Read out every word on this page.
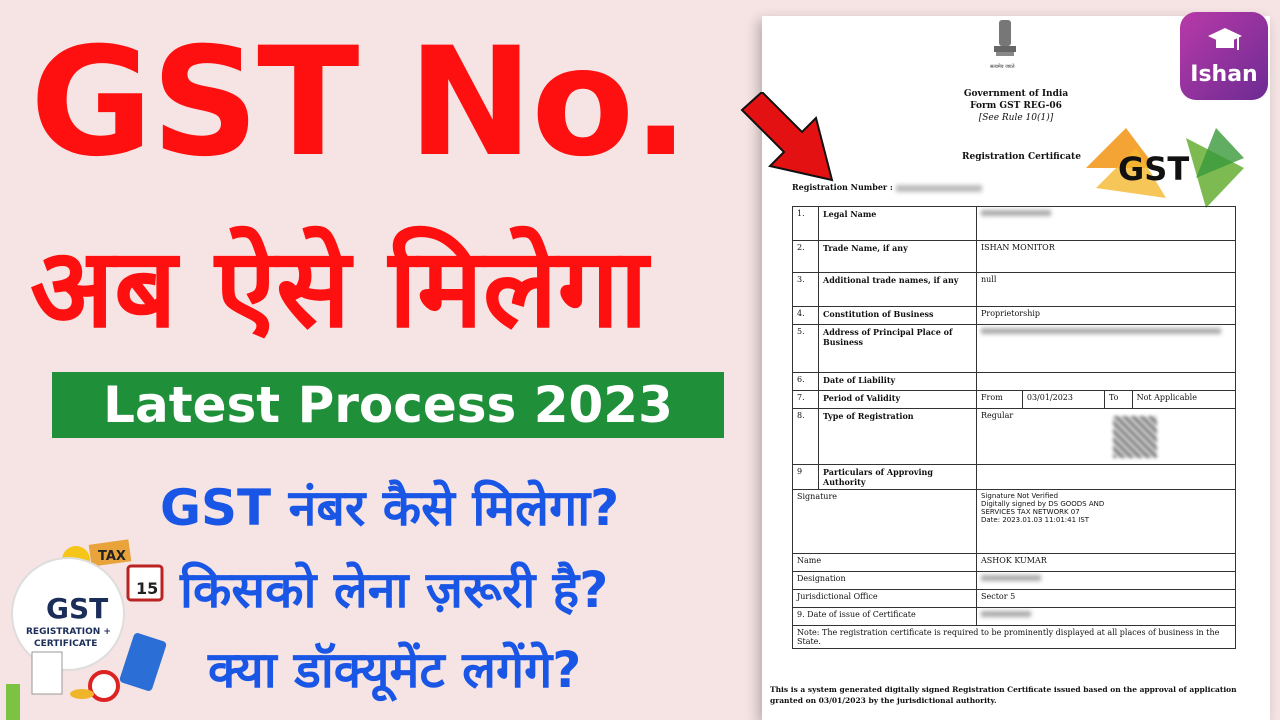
GST No.
अब ऐसे मिलेगा
Latest Process 2023
GST नंबर कैसे मिलेगा?
किसको लेना ज़रूरी है?
क्या डॉक्यूमेंट लगेंगे?
TAX
15
GST
REGISTRATION +
CERTIFICATE
सत्यमेव जयते
Government of India
Form GST REG-06
[See Rule 10(1)]
Registration Certificate GST
Registration Number :
1.	Legal Name				
2.	Trade Name, if any	ISHAN MONITOR			
3.	Additional trade names, if any	null			
4.	Constitution of Business	Proprietorship			
5.	Address of Principal Place of Business				
6.	Date of Liability				
7.	Period of Validity	From	03/01/2023	To	Not Applicable
8.	Type of Registration	Regular			

9	Particulars of Approving Authority				
Signature		Signature Not Verified
Digitally signed by DS GOODS AND
SERVICES TAX NETWORK 07
Date: 2023.01.03 11:01:41 IST			

Name		ASHOK KUMAR			
Designation					
Jurisdictional Office		Sector 5			
9. Date of issue of Certificate					
Note: The registration certificate is required to be prominently displayed at all places of business in the State.					
This is a system generated digitally signed Registration Certificate issued based on the approval of application granted on 03/01/2023 by the jurisdictional authority.
Ishan
